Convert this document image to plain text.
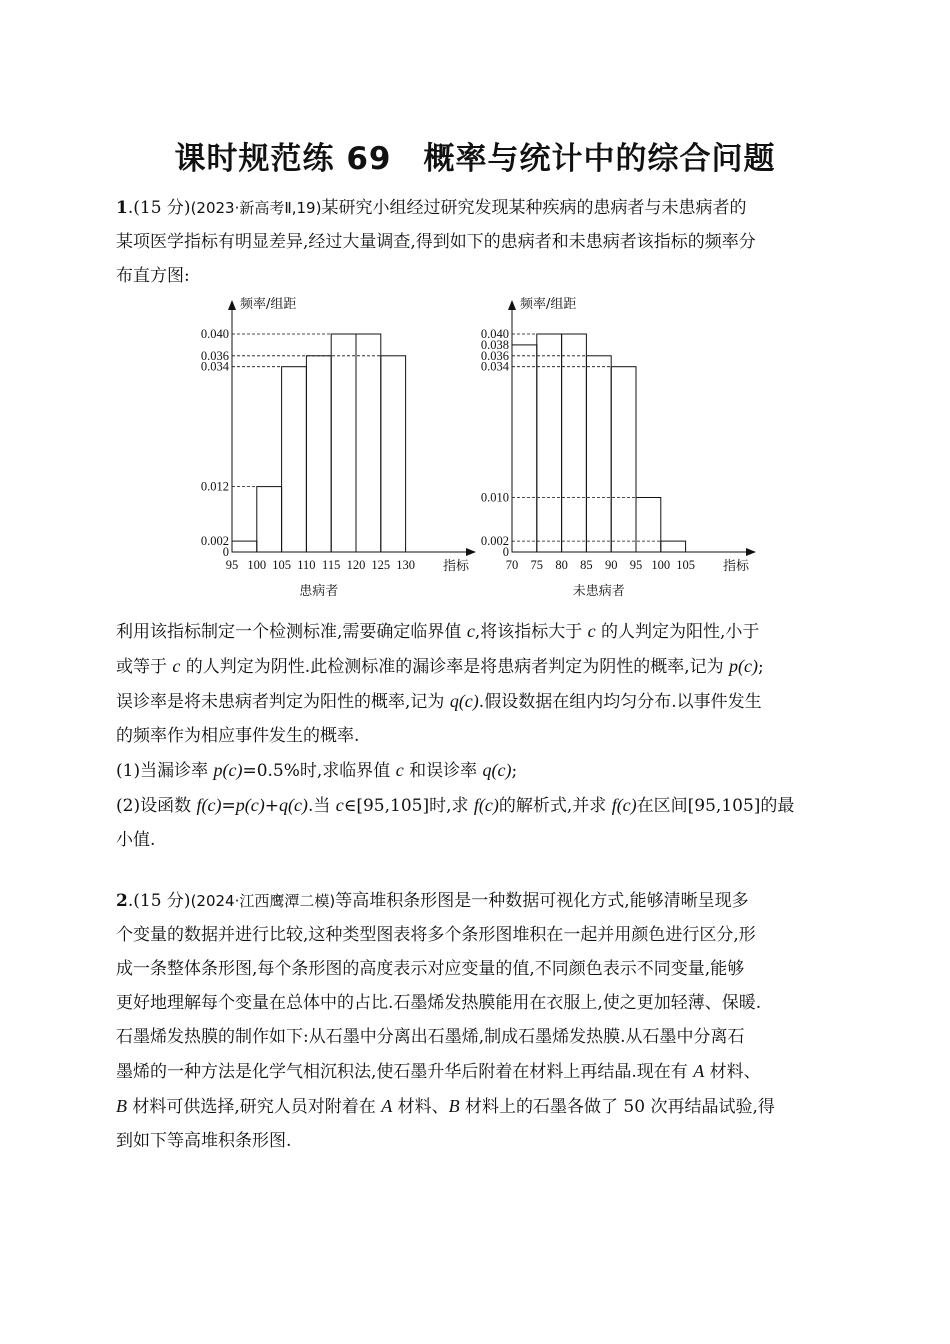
课时规范练 69　概率与统计中的综合问题
1.(15 分)(2023·新高考Ⅱ,19)某研究小组经过研究发现某种疾病的患病者与未患病者的
某项医学指标有明显差异,经过大量调查,得到如下的患病者和未患病者该指标的频率分
布直方图:
0.040
0.036
0.034
0.012
0.002
0
频率/组距
95 100 105 110 115 120 125 130 指标
患病者
0.040
0.038
0.036
0.034
0.010
0.002
0
频率/组距
70 75 80 85 90 95 100 105 指标
未患病者
利用该指标制定一个检测标准,需要确定临界值 c,将该指标大于 c 的人判定为阳性,小于
或等于 c 的人判定为阴性.此检测标准的漏诊率是将患病者判定为阴性的概率,记为 p(c);
误诊率是将未患病者判定为阳性的概率,记为 q(c).假设数据在组内均匀分布.以事件发生
的频率作为相应事件发生的概率.
(1)当漏诊率 p(c)=0.5%时,求临界值 c 和误诊率 q(c);
(2)设函数 f(c)=p(c)+q(c).当 c∈[95,105]时,求 f(c)的解析式,并求 f(c)在区间[95,105]的最
小值.
2.(15 分)(2024·江西鹰潭二模)等高堆积条形图是一种数据可视化方式,能够清晰呈现多
个变量的数据并进行比较,这种类型图表将多个条形图堆积在一起并用颜色进行区分,形
成一条整体条形图,每个条形图的高度表示对应变量的值,不同颜色表示不同变量,能够
更好地理解每个变量在总体中的占比.石墨烯发热膜能用在衣服上,使之更加轻薄、保暖.
石墨烯发热膜的制作如下:从石墨中分离出石墨烯,制成石墨烯发热膜.从石墨中分离石
墨烯的一种方法是化学气相沉积法,使石墨升华后附着在材料上再结晶.现在有 A 材料、
B 材料可供选择,研究人员对附着在 A 材料、B 材料上的石墨各做了 50 次再结晶试验,得
到如下等高堆积条形图.
